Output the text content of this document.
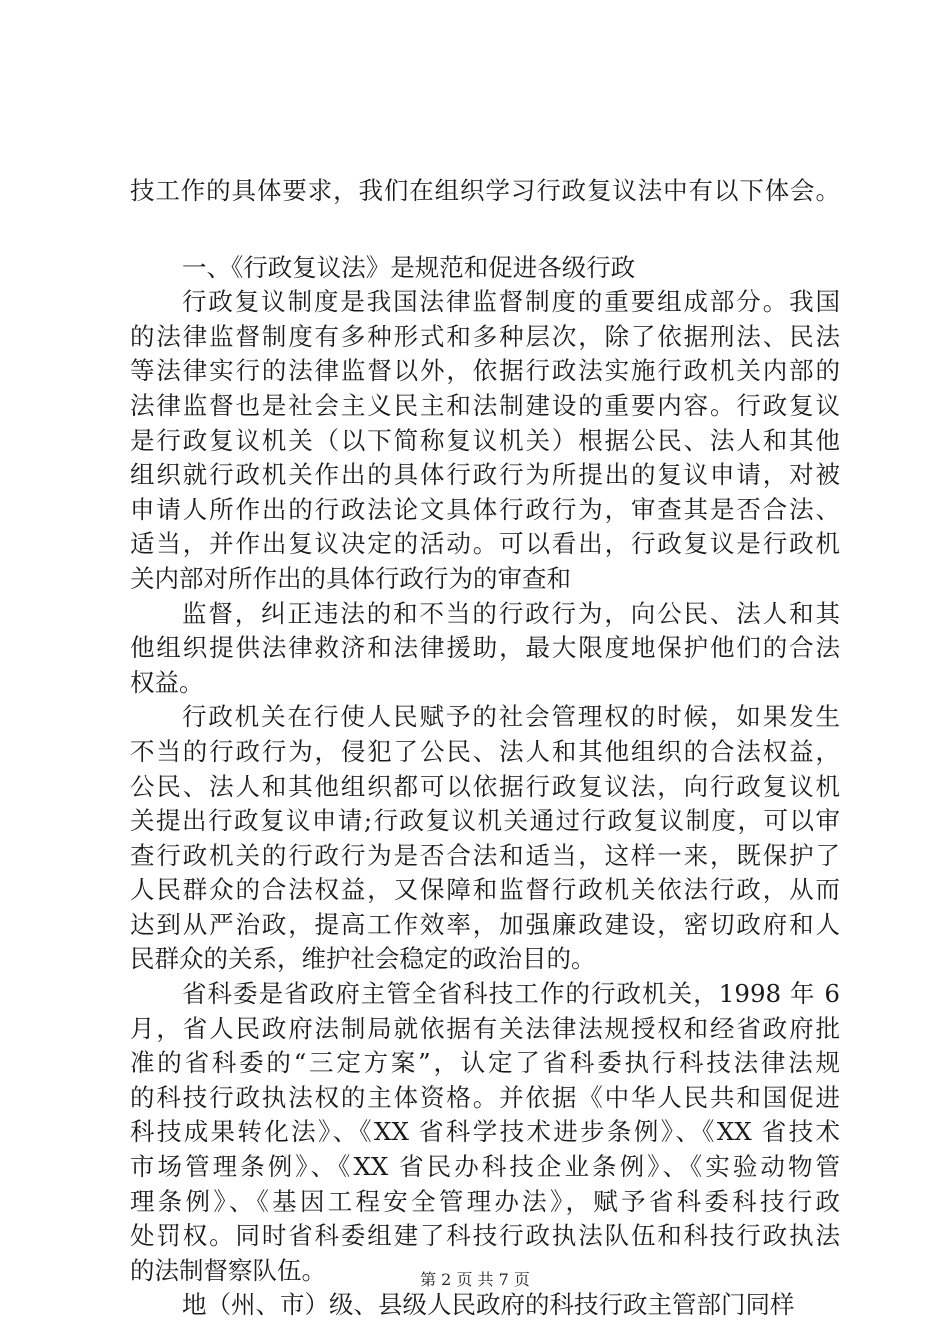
技工作的具体要求，我们在组织学习行政复议法中有以下体会。
一、《行政复议法》是规范和促进各级行政
行政复议制度是我国法律监督制度的重要组成部分。我国
的法律监督制度有多种形式和多种层次，除了依据刑法、民法
等法律实行的法律监督以外，依据行政法实施行政机关内部的
法律监督也是社会主义民主和法制建设的重要内容。行政复议
是行政复议机关（以下简称复议机关）根据公民、法人和其他
组织就行政机关作出的具体行政行为所提出的复议申请，对被
申请人所作出的行政法论文具体行政行为，审查其是否合法、
适当，并作出复议决定的活动。可以看出，行政复议是行政机
关内部对所作出的具体行政行为的审查和
监督，纠正违法的和不当的行政行为，向公民、法人和其
他组织提供法律救济和法律援助，最大限度地保护他们的合法
权益。
行政机关在行使人民赋予的社会管理权的时候，如果发生
不当的行政行为，侵犯了公民、法人和其他组织的合法权益，
公民、法人和其他组织都可以依据行政复议法，向行政复议机
关提出行政复议申请;行政复议机关通过行政复议制度，可以审
查行政机关的行政行为是否合法和适当，这样一来，既保护了
人民群众的合法权益，又保障和监督行政机关依法行政，从而
达到从严治政，提高工作效率，加强廉政建设，密切政府和人
民群众的关系，维护社会稳定的政治目的。
省科委是省政府主管全省科技工作的行政机关，1998 年 6
月，省人民政府法制局就依据有关法律法规授权和经省政府批
准的省科委的“三定方案”，认定了省科委执行科技法律法规
的科技行政执法权的主体资格。并依据《中华人民共和国促进
科技成果转化法》、《XX 省科学技术进步条例》、《XX 省技术
市场管理条例》、《XX 省民办科技企业条例》、《实验动物管
理条例》、《基因工程安全管理办法》，赋予省科委科技行政
处罚权。同时省科委组建了科技行政执法队伍和科技行政执法
的法制督察队伍。
地（州、市）级、县级人民政府的科技行政主管部门同样
第 2 页 共 7 页
